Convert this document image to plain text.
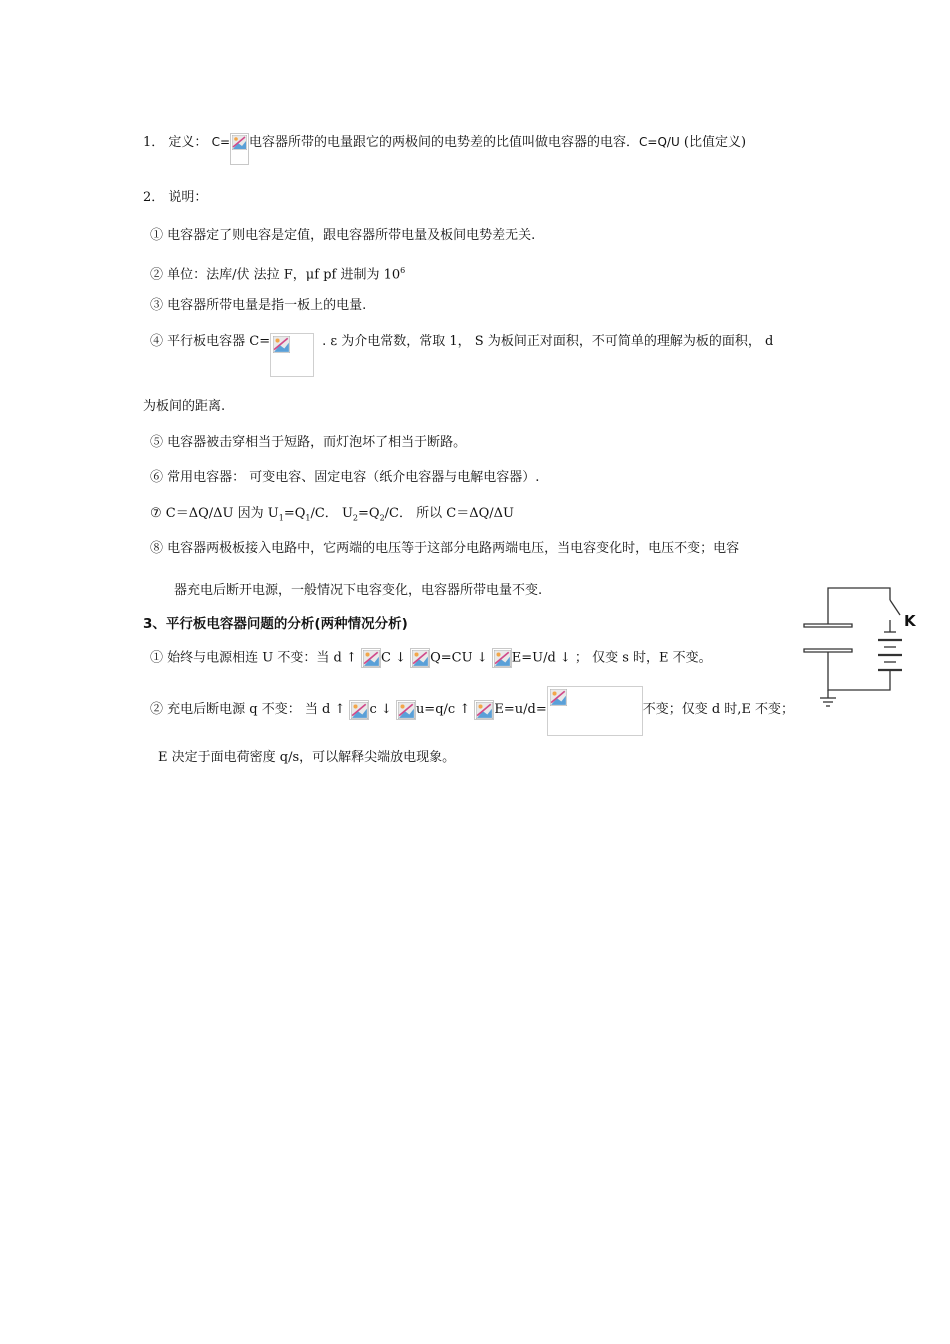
1． 定义： C= 电容器所带的电量跟它的两极间的电势差的比值叫做电容器的电容．C=Q/U (比值定义)
2． 说明：
① 电容器定了则电容是定值，跟电容器所带电量及板间电势差无关.
② 单位：法库/伏 法拉 F，μf pf 进制为 $10^6$
③ 电容器所带电量是指一板上的电量.
④ 平行板电容器 C=	. ε 为介电常数，常取 1， S 为板间正对面积，不可简单的理解为板的面积， d
为板间的距离.
⑤ 电容器被击穿相当于短路，而灯泡坏了相当于断路。
⑥ 常用电容器： 可变电容、固定电容（纸介电容器与电解电容器）.
⑦ C＝ΔQ/ΔU 因为 $U_1=Q_1/C$． $U_2=Q_2/C$． 所以 C＝ΔQ/ΔU
⑧ 电容器两极板接入电路中，它两端的电压等于这部分电路两端电压，当电容变化时，电压不变；电容
器充电后断开电源，一般情况下电容变化，电容器所带电量不变.
3、平行板电容器问题的分析(两种情况分析)
① 始终与电源相连 U 不变：当 d ↑ C ↓ Q=CU ↓ E=U/d ↓ ； 仅变 s 时，E 不变。
② 充电后断电源 q 不变： 当 d ↑ c ↓ u=q/c ↑ E=u/d=	不变；仅变 d 时,E 不变；
E 决定于面电荷密度 q/s，可以解释尖端放电现象。
K
